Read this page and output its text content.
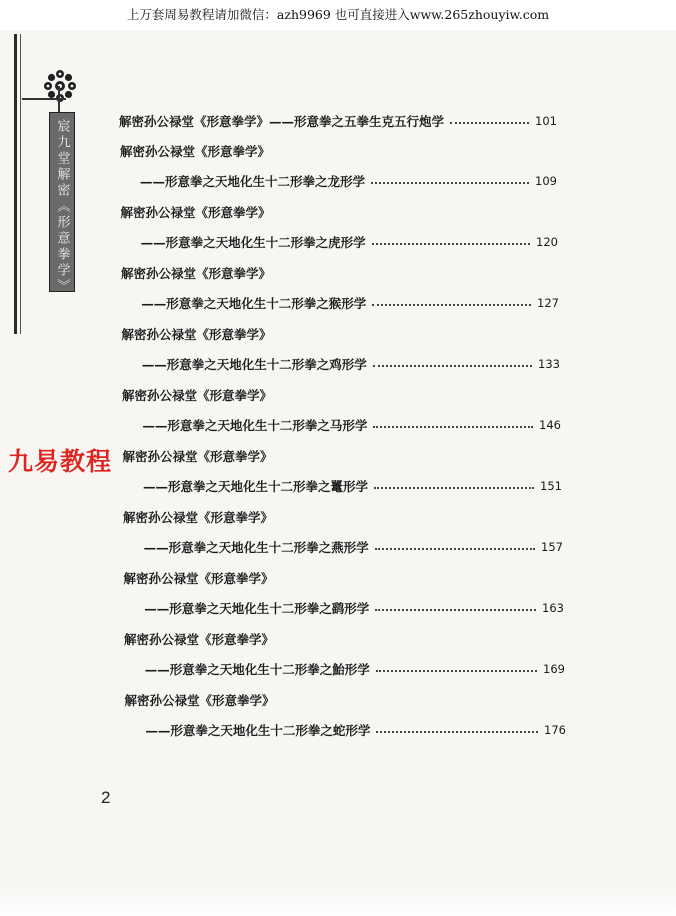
上万套周易教程请加微信：azh9969 也可直接进入www.265zhouyiw.com
宸九堂解密《形意拳学》	解密孙公禄堂《形意拳学》——形意拳之五拳生克五行炮学	101
解密孙公禄堂《形意拳学》
——形意拳之天地化生十二形拳之龙形学	109
解密孙公禄堂《形意拳学》
——形意拳之天地化生十二形拳之虎形学	120
解密孙公禄堂《形意拳学》
——形意拳之天地化生十二形拳之猴形学	127
解密孙公禄堂《形意拳学》
——形意拳之天地化生十二形拳之鸡形学	133
解密孙公禄堂《形意拳学》
——形意拳之天地化生十二形拳之马形学	146
解密孙公禄堂《形意拳学》
——形意拳之天地化生十二形拳之鼍形学	151
解密孙公禄堂《形意拳学》
——形意拳之天地化生十二形拳之燕形学	157
解密孙公禄堂《形意拳学》
——形意拳之天地化生十二形拳之鹞形学	163
解密孙公禄堂《形意拳学》
——形意拳之天地化生十二形拳之鮐形学	169
解密孙公禄堂《形意拳学》
——形意拳之天地化生十二形拳之蛇形学	176
九易教程
2
